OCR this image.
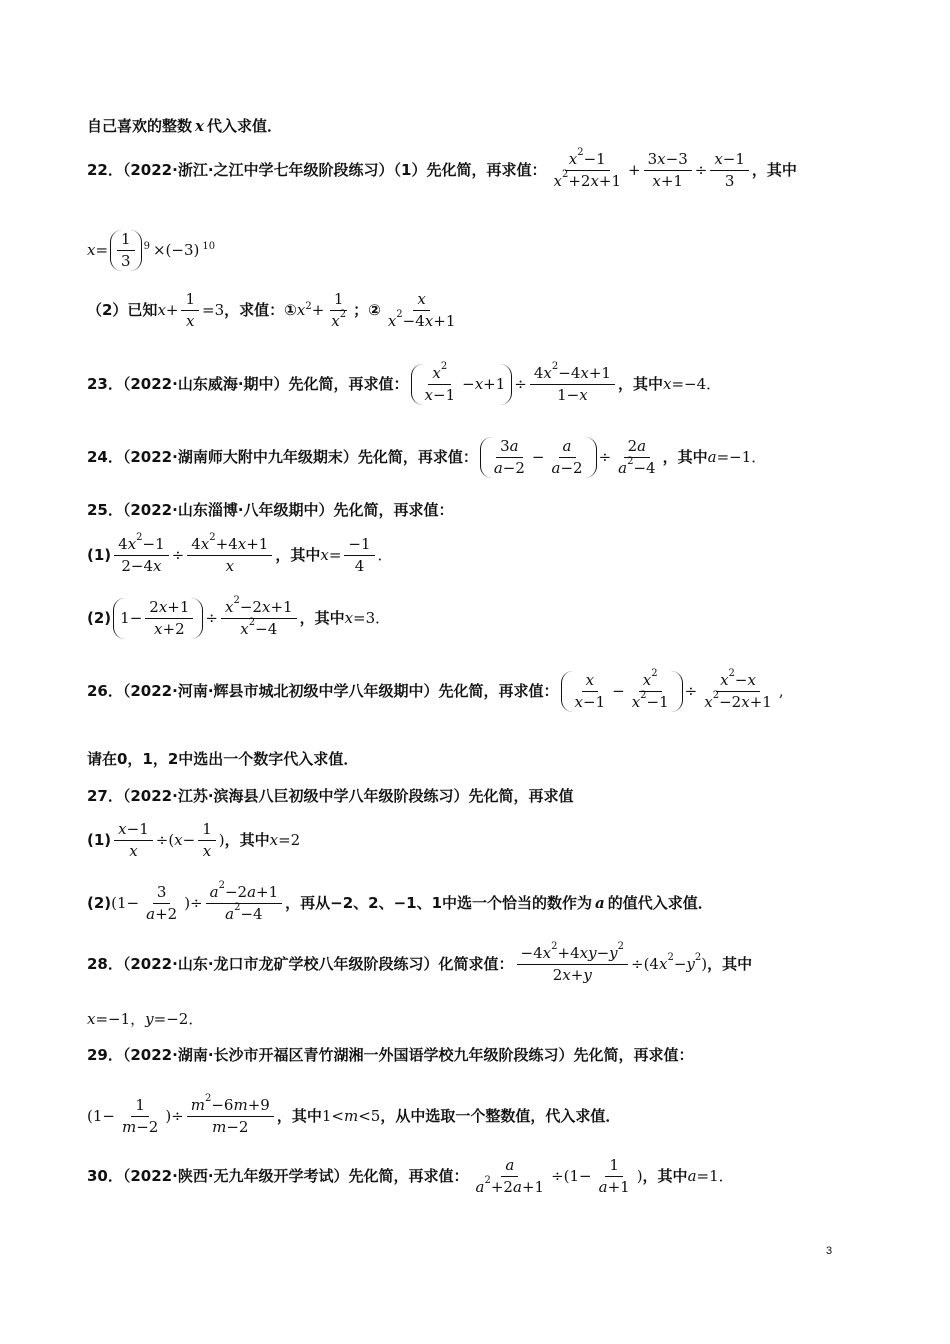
自己喜欢的整数 x 代入求值．
22．（2022·浙江·之江中学七年级阶段练习）（1）先化简，再求值：
$x^2-1$
$x^2+2x+1$
+ $\frac{3x-3}{x+1} \div \frac{x-1}{3}$ ，其中
x =
1
3
$^9$ ×(−3) $^{10}$
（2）已知 $x + \frac{1}{x} =3$ ，求值：① $x^2 + \frac{1}{x^2}$ ；②
x
$x^2-4x+1$
23．（2022·山东威海·期中）先化简，再求值：
$x^2$
x−1
$-x+1 \div \frac{4x^2-4x+1}{1-x}$ ，其中 x=−4．
24．（2022·湖南师大附中九年级期末）先化简，再求值：
3a
a−2
− $\frac{a}{a-2} \div \frac{2a}{a^2-4}$ ，其中 a=−1．
25．（2022·山东淄博·八年级期中）先化简，再求值：
$(1) \frac{4x^2-1}{2-4x} \div \frac{4x^2+4x+1}{x}$ ，其中 $x= \frac{-1}{4}$ ．
(2) $1- \frac{2x+1}{x+2} \div \frac{x^2-2x+1}{x^2-4}$ ，其中 x=3．
26．（2022·河南·辉县市城北初级中学八年级期中）先化简，再求值：
x
x−1
− $\frac{x^2}{x^2-1} \div \frac{x^2-x}{x^2-2x+1}$ ,
请在0，1，2中选出一个数字代入求值．
27．（2022·江苏·滨海县八巨初级中学八年级阶段练习）先化简，再求值
$(1) \frac{x-1}{x} \div(x- \frac{1}{x}$ ) ，其中 x=2
(2) ($1- \frac{3}{a+2}$ )÷ $\frac{a^2-2a+1}{a^2-4}$ ，再从−2、2、−1、1中选一个恰当的数作为 a 的值代入求值．
28．（2022·山东·龙口市龙矿学校八年级阶段练习）化简求值： $\frac{-4x^2+4xy-y^2}{2x+y} \div(4x^2-y^2)$ ，其中
x=−1，y=−2．
29．（2022·湖南·长沙市开福区青竹湖湘一外国语学校九年级阶段练习）先化简，再求值：
($1- \frac{1}{m-2}$ )÷ $\frac{m^2-6m+9}{m-2}$ ，其中 1<m<5 ，从中选取一个整数值，代入求值．
30．（2022·陕西·无九年级开学考试）先化简，再求值： $\frac{a}{a^2+2a+1} \div(1- \frac{1}{a+1}$ ) ，其中 a=1．
3
